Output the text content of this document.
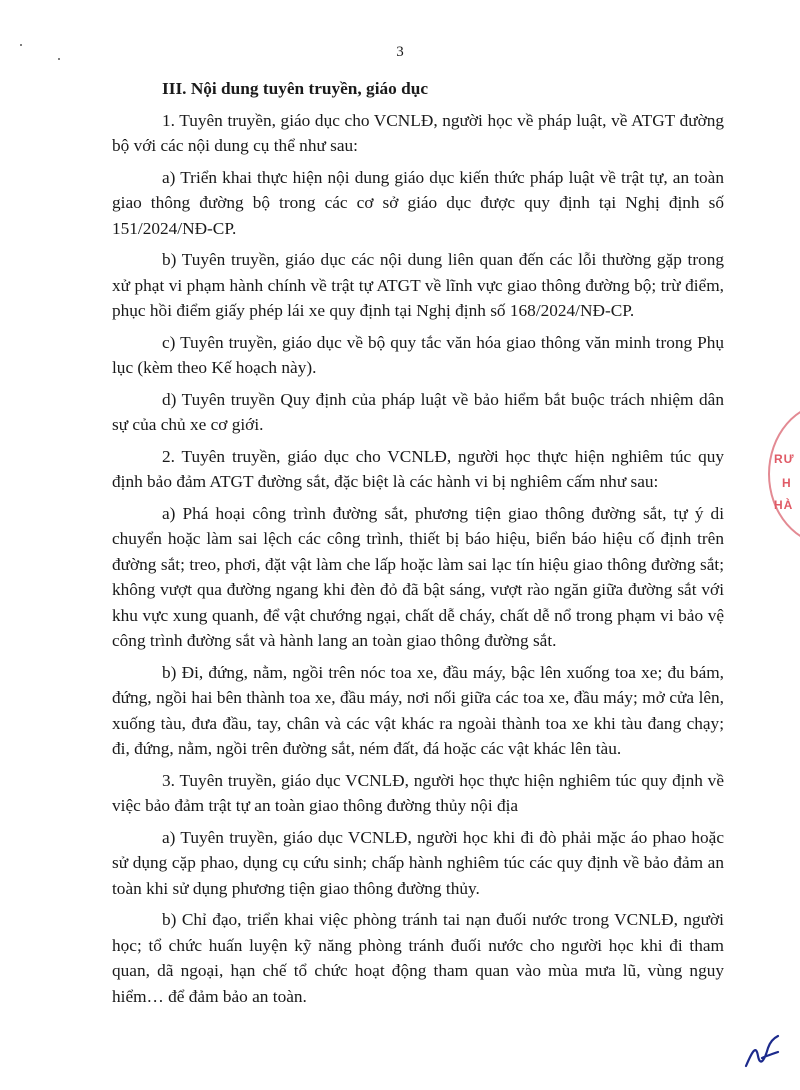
3
III. Nội dung tuyên truyền, giáo dục

1. Tuyên truyền, giáo dục cho VCNLĐ, người học về pháp luật, về ATGT đường bộ với các nội dung cụ thể như sau:

a) Triển khai thực hiện nội dung giáo dục kiến thức pháp luật về trật tự, an toàn giao thông đường bộ trong các cơ sở giáo dục được quy định tại Nghị định số 151/2024/NĐ-CP.

b) Tuyên truyền, giáo dục các nội dung liên quan đến các lỗi thường gặp trong xử phạt vi phạm hành chính về trật tự ATGT về lĩnh vực giao thông đường bộ; trừ điểm, phục hồi điểm giấy phép lái xe quy định tại Nghị định số 168/2024/NĐ-CP.

c) Tuyên truyền, giáo dục về bộ quy tắc văn hóa giao thông văn minh trong Phụ lục (kèm theo Kế hoạch này).

d) Tuyên truyền Quy định của pháp luật về bảo hiểm bắt buộc trách nhiệm dân sự của chủ xe cơ giới.

2. Tuyên truyền, giáo dục cho VCNLĐ, người học thực hiện nghiêm túc quy định bảo đảm ATGT đường sắt, đặc biệt là các hành vi bị nghiêm cấm như sau:

a) Phá hoại công trình đường sắt, phương tiện giao thông đường sắt, tự ý di chuyển hoặc làm sai lệch các công trình, thiết bị báo hiệu, biển báo hiệu cố định trên đường sắt; treo, phơi, đặt vật làm che lấp hoặc làm sai lạc tín hiệu giao thông đường sắt; không vượt qua đường ngang khi đèn đỏ đã bật sáng, vượt rào ngăn giữa đường sắt với khu vực xung quanh, để vật chướng ngại, chất dễ cháy, chất dễ nổ trong phạm vi bảo vệ công trình đường sắt và hành lang an toàn giao thông đường sắt.

b) Đi, đứng, nằm, ngồi trên nóc toa xe, đầu máy, bậc lên xuống toa xe; đu bám, đứng, ngồi hai bên thành toa xe, đầu máy, nơi nối giữa các toa xe, đầu máy; mở cửa lên, xuống tàu, đưa đầu, tay, chân và các vật khác ra ngoài thành toa xe khi tàu đang chạy; đi, đứng, nằm, ngồi trên đường sắt, ném đất, đá hoặc các vật khác lên tàu.

3. Tuyên truyền, giáo dục VCNLĐ, người học thực hiện nghiêm túc quy định về việc bảo đảm trật tự an toàn giao thông đường thủy nội địa

a) Tuyên truyền, giáo dục VCNLĐ, người học khi đi đò phải mặc áo phao hoặc sử dụng cặp phao, dụng cụ cứu sinh; chấp hành nghiêm túc các quy định về bảo đảm an toàn khi sử dụng phương tiện giao thông đường thủy.

b) Chỉ đạo, triển khai việc phòng tránh tai nạn đuối nước trong VCNLĐ, người học; tổ chức huấn luyện kỹ năng phòng tránh đuối nước cho người học khi đi tham quan, dã ngoại, hạn chế tổ chức hoạt động tham quan vào mùa mưa lũ, vùng nguy hiểm… để đảm bảo an toàn.

RƯ
H
HÀ
